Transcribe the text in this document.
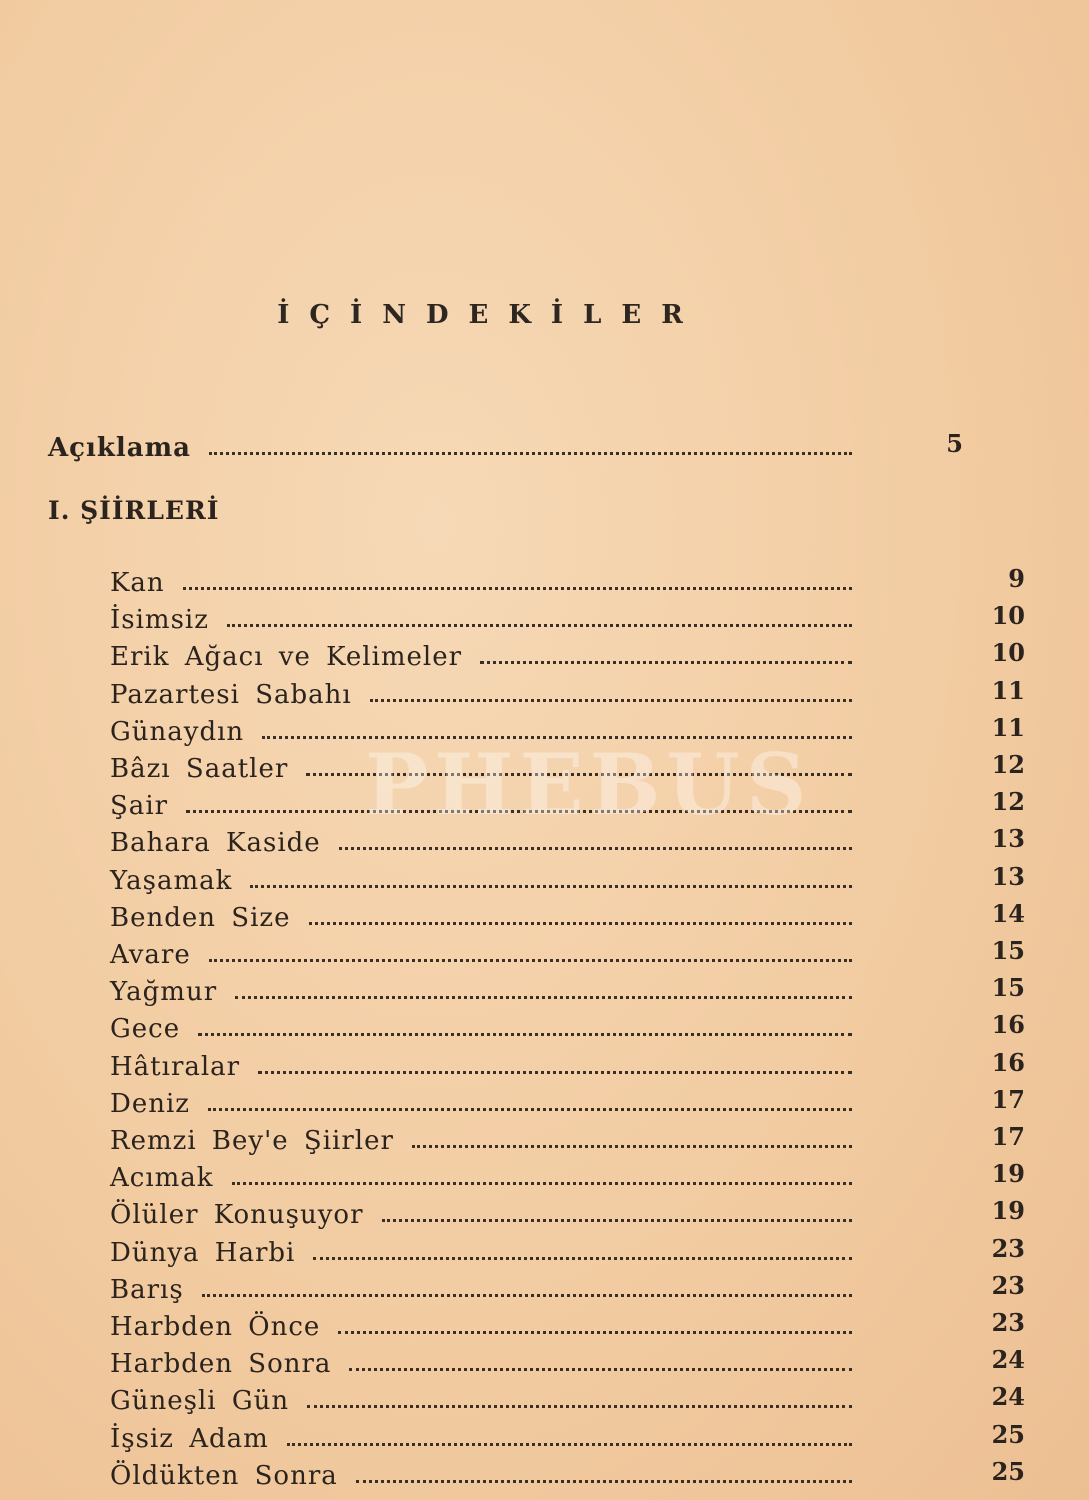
İÇİNDEKİLER
Açıklama	5
I. ŞİİRLERİ
Kan	9
İsimsiz	10
Erik Ağacı ve Kelimeler	10
Pazartesi Sabahı	11
Günaydın	11
Bâzı Saatler	12
Şair	12
Bahara Kaside	13
Yaşamak	13
Benden Size	14
Avare	15
Yağmur	15
Gece	16
Hâtıralar	16
Deniz	17
Remzi Bey'e Şiirler	17
Acımak	19
Ölüler Konuşuyor	19
Dünya Harbi	23
Barış	23
Harbden Önce	23
Harbden Sonra	24
Güneşli Gün	24
İşsiz Adam	25
Öldükten Sonra	25
PHEBUS
